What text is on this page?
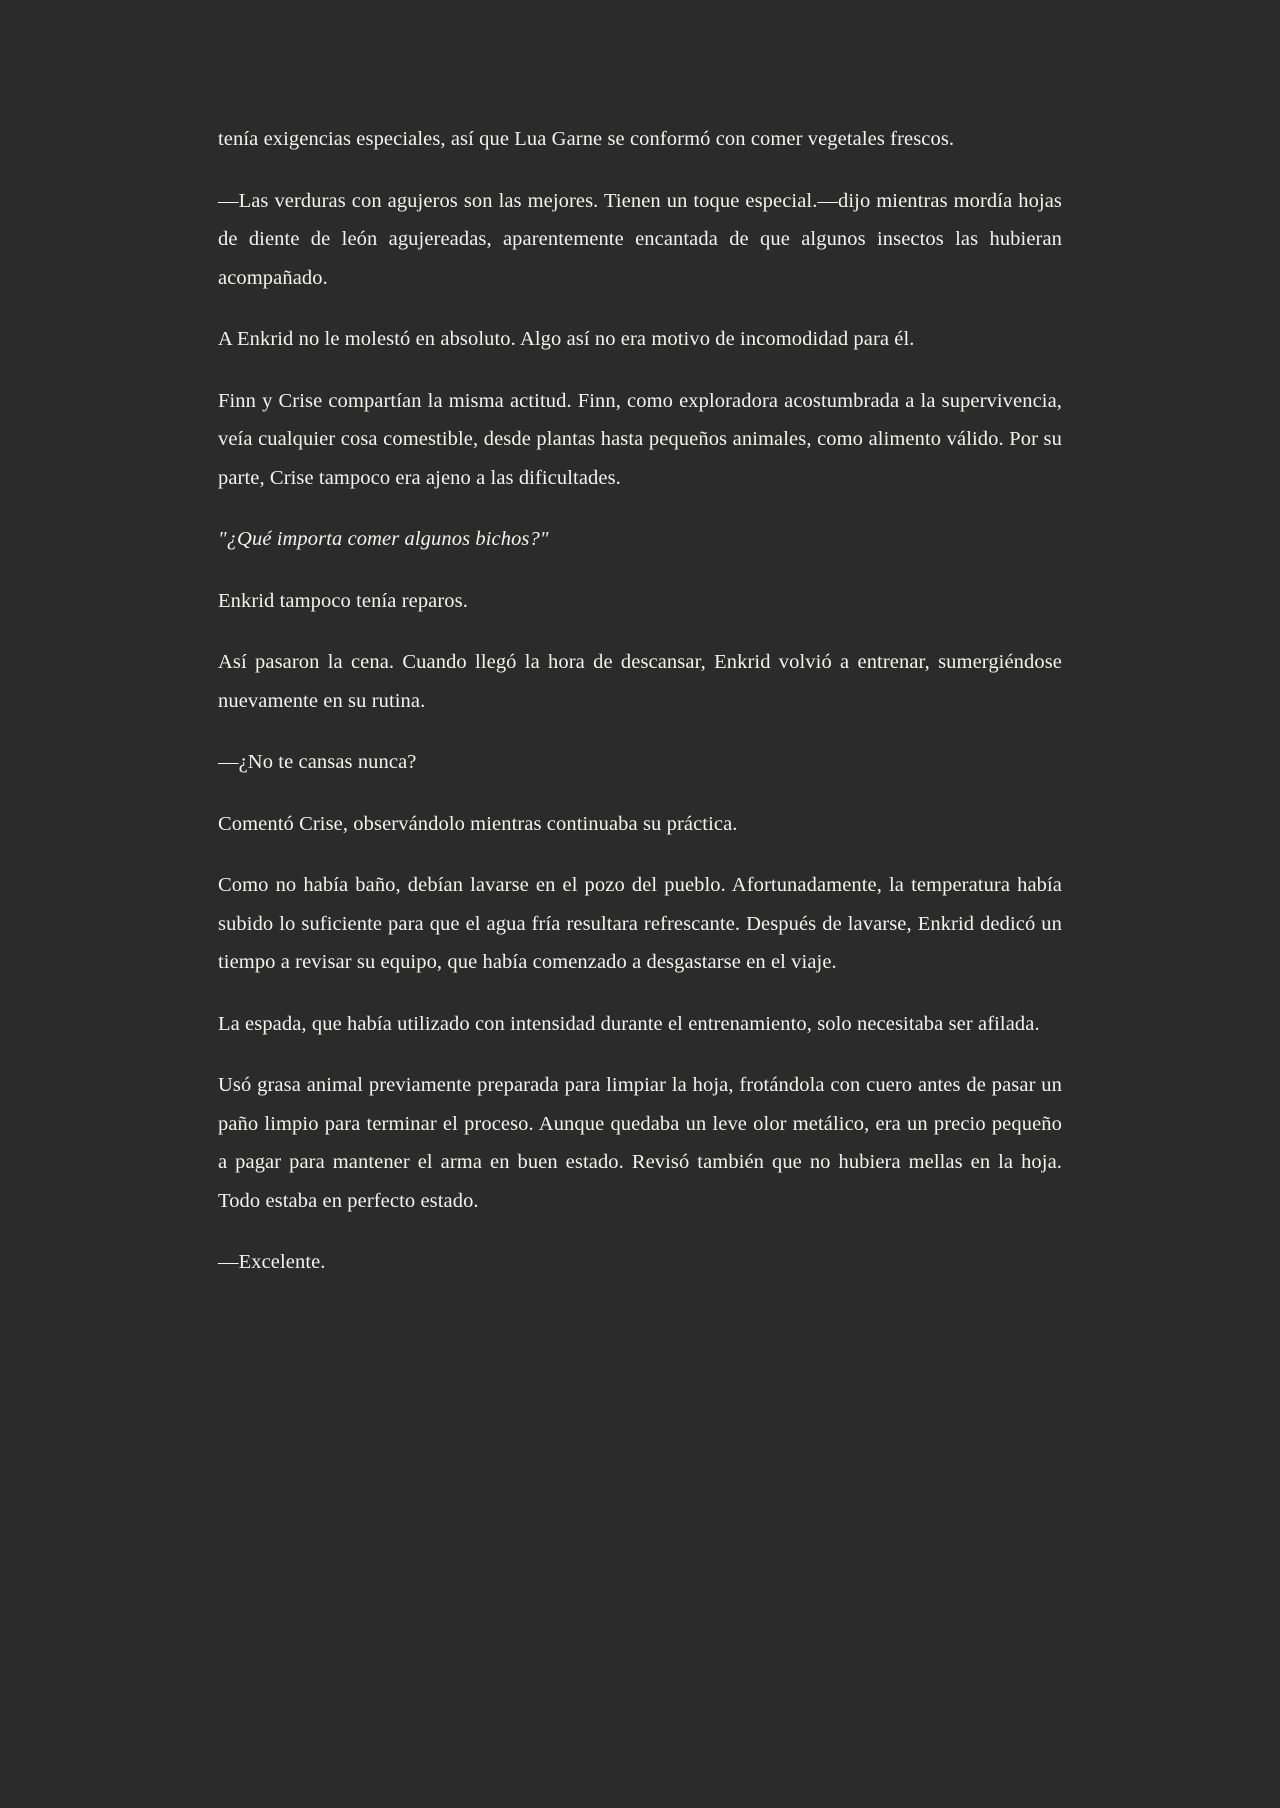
tenía exigencias especiales, así que Lua Garne se conformó con comer vegetales frescos.

—Las verduras con agujeros son las mejores. Tienen un toque especial.—dijo mientras mordía hojas de diente de león agujereadas, aparentemente encantada de que algunos insectos las hubieran acompañado.

A Enkrid no le molestó en absoluto. Algo así no era motivo de incomodidad para él.

Finn y Crise compartían la misma actitud. Finn, como exploradora acostumbrada a la supervivencia, veía cualquier cosa comestible, desde plantas hasta pequeños animales, como alimento válido. Por su parte, Crise tampoco era ajeno a las dificultades.

"¿Qué importa comer algunos bichos?"

Enkrid tampoco tenía reparos.

Así pasaron la cena. Cuando llegó la hora de descansar, Enkrid volvió a entrenar, sumergiéndose nuevamente en su rutina.

—¿No te cansas nunca?

Comentó Crise, observándolo mientras continuaba su práctica.

Como no había baño, debían lavarse en el pozo del pueblo. Afortunadamente, la temperatura había subido lo suficiente para que el agua fría resultara refrescante. Después de lavarse, Enkrid dedicó un tiempo a revisar su equipo, que había comenzado a desgastarse en el viaje.

La espada, que había utilizado con intensidad durante el entrenamiento, solo necesitaba ser afilada.

Usó grasa animal previamente preparada para limpiar la hoja, frotándola con cuero antes de pasar un paño limpio para terminar el proceso. Aunque quedaba un leve olor metálico, era un precio pequeño a pagar para mantener el arma en buen estado. Revisó también que no hubiera mellas en la hoja. Todo estaba en perfecto estado.

—Excelente.
